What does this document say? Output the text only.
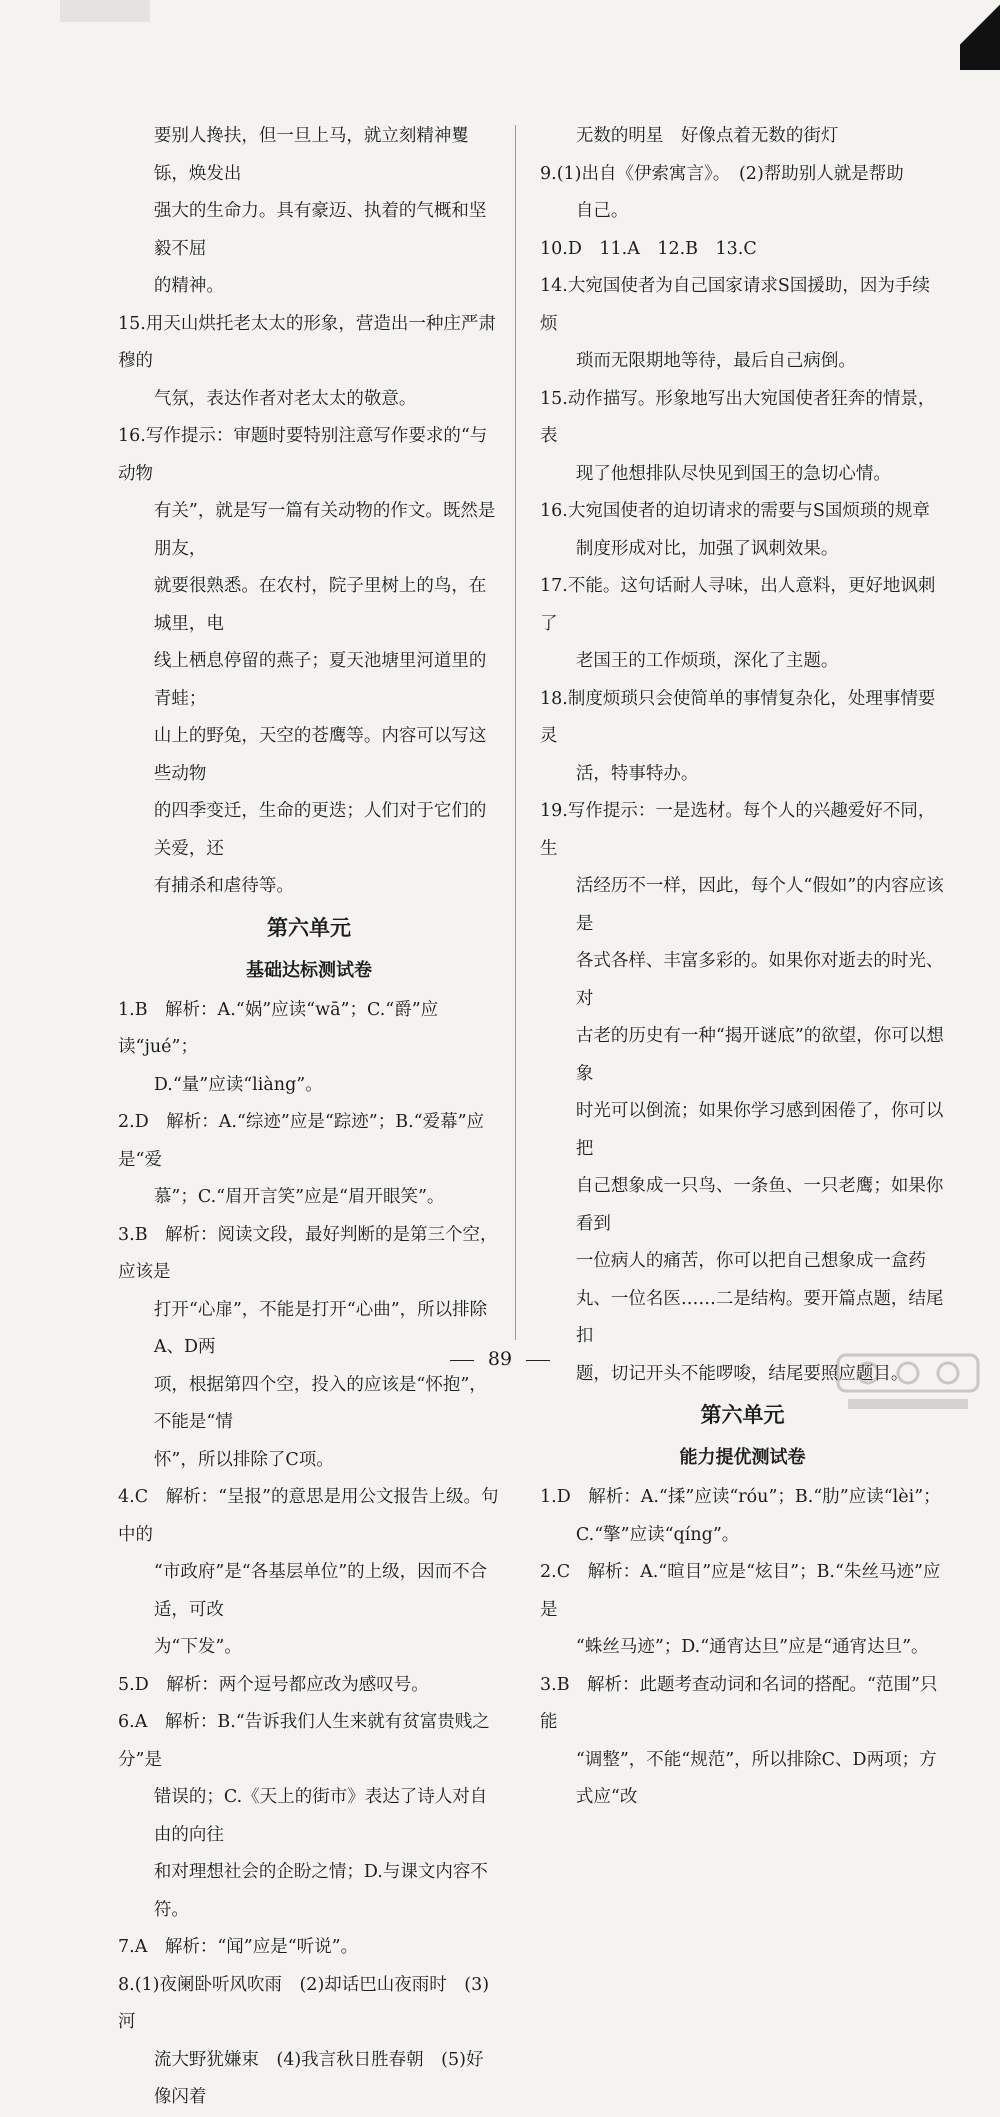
要别人搀扶，但一旦上马，就立刻精神矍铄，焕发出
强大的生命力。具有豪迈、执着的气概和坚毅不屈
的精神。
15.用天山烘托老太太的形象，营造出一种庄严肃穆的
气氛，表达作者对老太太的敬意。
16.写作提示：审题时要特别注意写作要求的“与动物
有关”，就是写一篇有关动物的作文。既然是朋友，
就要很熟悉。在农村，院子里树上的鸟，在城里，电
线上栖息停留的燕子；夏天池塘里河道里的青蛙；
山上的野兔，天空的苍鹰等。内容可以写这些动物
的四季变迁，生命的更迭；人们对于它们的关爱，还
有捕杀和虐待等。
第六单元
基础达标测试卷
1.B　解析：A.“娲”应读“wā”；C.“爵”应读“jué”；
D.“量”应读“liàng”。
2.D　解析：A.“综迹”应是“踪迹”；B.“爱幕”应是“爱
慕”；C.“眉开言笑”应是“眉开眼笑”。
3.B　解析：阅读文段，最好判断的是第三个空，应该是
打开“心扉”，不能是打开“心曲”，所以排除A、D两
项，根据第四个空，投入的应该是“怀抱”，不能是“情
怀”，所以排除了C项。
4.C　解析：“呈报”的意思是用公文报告上级。句中的
“市政府”是“各基层单位”的上级，因而不合适，可改
为“下发”。
5.D　解析：两个逗号都应改为感叹号。
6.A　解析：B.“告诉我们人生来就有贫富贵贱之分”是
错误的；C.《天上的街市》表达了诗人对自由的向往
和对理想社会的企盼之情；D.与课文内容不符。
7.A　解析：“闻”应是“听说”。
8.(1)夜阑卧听风吹雨　(2)却话巴山夜雨时　(3)河
流大野犹嫌束　(4)我言秋日胜春朝　(5)好像闪着
无数的明星　好像点着无数的街灯
9.(1)出自《伊索寓言》。　(2)帮助别人就是帮助
自己。
10.D　11.A　12.B　13.C
14.大宛国使者为自己国家请求S国援助，因为手续烦
琐而无限期地等待，最后自己病倒。
15.动作描写。形象地写出大宛国使者狂奔的情景，表
现了他想排队尽快见到国王的急切心情。
16.大宛国使者的迫切请求的需要与S国烦琐的规章
制度形成对比，加强了讽刺效果。
17.不能。这句话耐人寻味，出人意料，更好地讽刺了
老国王的工作烦琐，深化了主题。
18.制度烦琐只会使简单的事情复杂化，处理事情要灵
活，特事特办。
19.写作提示：一是选材。每个人的兴趣爱好不同，生
活经历不一样，因此，每个人“假如”的内容应该是
各式各样、丰富多彩的。如果你对逝去的时光、对
古老的历史有一种“揭开谜底”的欲望，你可以想象
时光可以倒流；如果你学习感到困倦了，你可以把
自己想象成一只鸟、一条鱼、一只老鹰；如果你看到
一位病人的痛苦，你可以把自己想象成一盒药
丸、一位名医……二是结构。要开篇点题，结尾扣
题，切记开头不能啰唆，结尾要照应题目。
第六单元
能力提优测试卷
1.D　解析：A.“揉”应读“róu”；B.“肋”应读“lèi”；
C.“擎”应读“qíng”。
2.C　解析：A.“暄目”应是“炫目”；B.“朱丝马迹”应是
“蛛丝马迹”；D.“通宵达旦”应是“通宵达旦”。
3.B　解析：此题考查动词和名词的搭配。“范围”只能
“调整”，不能“规范”，所以排除C、D两项；方式应“改
89
